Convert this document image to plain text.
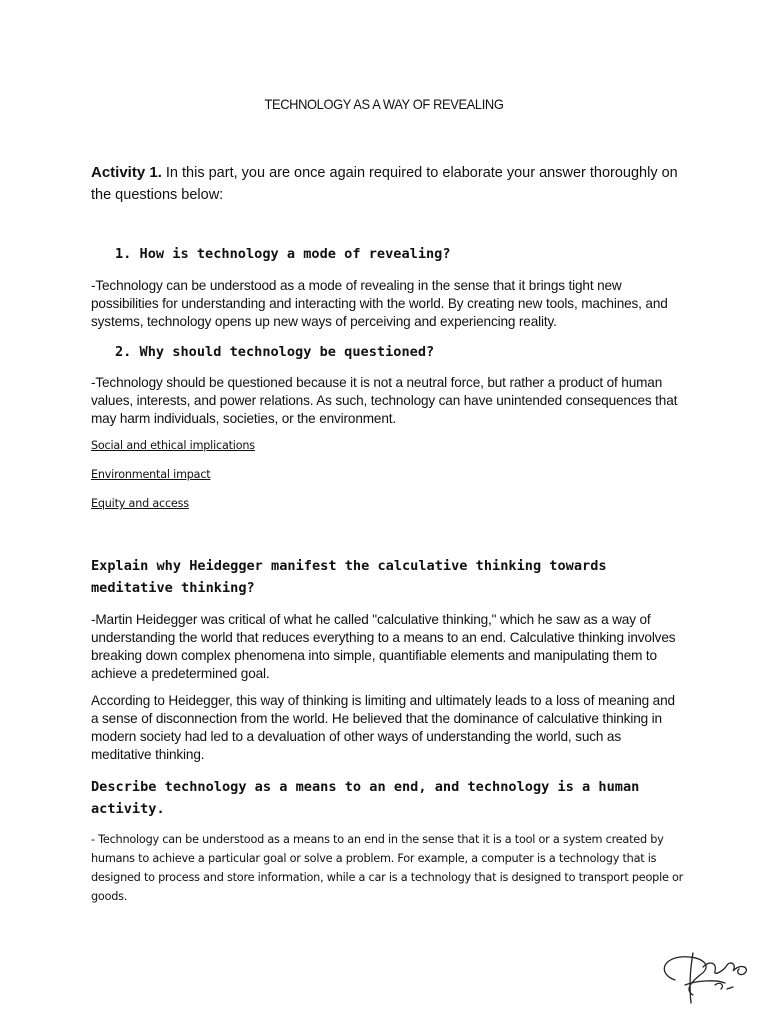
TECHNOLOGY AS A WAY OF REVEALING
Activity 1. In this part, you are once again required to elaborate your answer thoroughly on the questions below:
1. How is technology a mode of revealing?
-Technology can be understood as a mode of revealing in the sense that it brings tight new possibilities for understanding and interacting with the world. By creating new tools, machines, and systems, technology opens up new ways of perceiving and experiencing reality.
2. Why should technology be questioned?
-Technology should be questioned because it is not a neutral force, but rather a product of human values, interests, and power relations. As such, technology can have unintended consequences that may harm individuals, societies, or the environment.
Social and ethical implications
Environmental impact
Equity and access
Explain why Heidegger manifest the calculative thinking towards meditative thinking?
-Martin Heidegger was critical of what he called "calculative thinking," which he saw as a way of understanding the world that reduces everything to a means to an end. Calculative thinking involves breaking down complex phenomena into simple, quantifiable elements and manipulating them to achieve a predetermined goal.
According to Heidegger, this way of thinking is limiting and ultimately leads to a loss of meaning and a sense of disconnection from the world. He believed that the dominance of calculative thinking in modern society had led to a devaluation of other ways of understanding the world, such as meditative thinking.
Describe technology as a means to an end, and technology is a human activity.
- Technology can be understood as a means to an end in the sense that it is a tool or a system created by humans to achieve a particular goal or solve a problem. For example, a computer is a technology that is designed to process and store information, while a car is a technology that is designed to transport people or goods.
